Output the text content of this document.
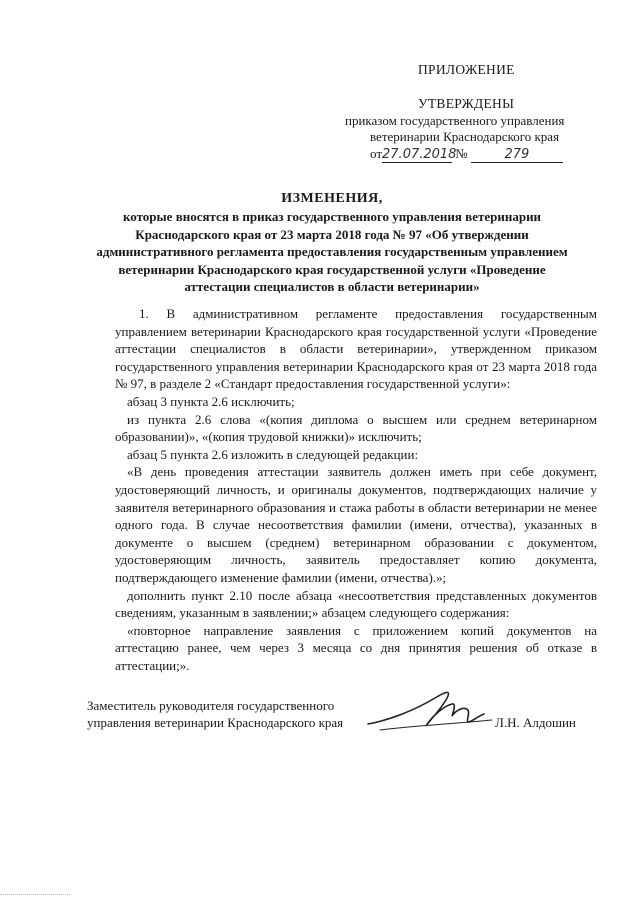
ПРИЛОЖЕНИЕ
УТВЕРЖДЕНЫ
приказом государственного управления
ветеринарии Краснодарского края
от27.07.2018 №	279
ИЗМЕНЕНИЯ,
которые вносятся в приказ государственного управления ветеринарии Краснодарского края от 23 марта 2018 года № 97 «Об утверждении административного регламента предоставления государственным управлением ветеринарии Краснодарского края государственной услуги «Проведение аттестации специалистов в области ветеринарии»

1. В административном регламенте предоставления государственным управлением ветеринарии Краснодарского края государственной услуги «Проведение аттестации специалистов в области ветеринарии», утвержденном приказом государственного управления ветеринарии Краснодарского края от 23 марта 2018 года № 97, в разделе 2 «Стандарт предоставления государственной услуги»:

абзац 3 пункта 2.6 исключить;

из пункта 2.6 слова «(копия диплома о высшем или среднем ветеринарном образовании)», «(копия трудовой книжки)» исключить;

абзац 5 пункта 2.6 изложить в следующей редакции:

«В день проведения аттестации заявитель должен иметь при себе документ, удостоверяющий личность, и оригиналы документов, подтверждающих наличие у заявителя ветеринарного образования и стажа работы в области ветеринарии не менее одного года. В случае несоответствия фамилии (имени, отчества), указанных в документе о высшем (среднем) ветеринарном образовании с документом, удостоверяющим личность, заявитель предоставляет копию документа, подтверждающего изменение фамилии (имени, отчества).»;

дополнить пункт 2.10 после абзаца «несоответствия представленных документов сведениям, указанным в заявлении;» абзацем следующего содержания:

«повторное направление заявления с приложением копий документов на аттестацию ранее, чем через 3 месяца со дня принятия решения об отказе в аттестации;».

Заместитель руководителя государственного
управления ветеринарии Краснодарского края	Л.Н. Алдошин
